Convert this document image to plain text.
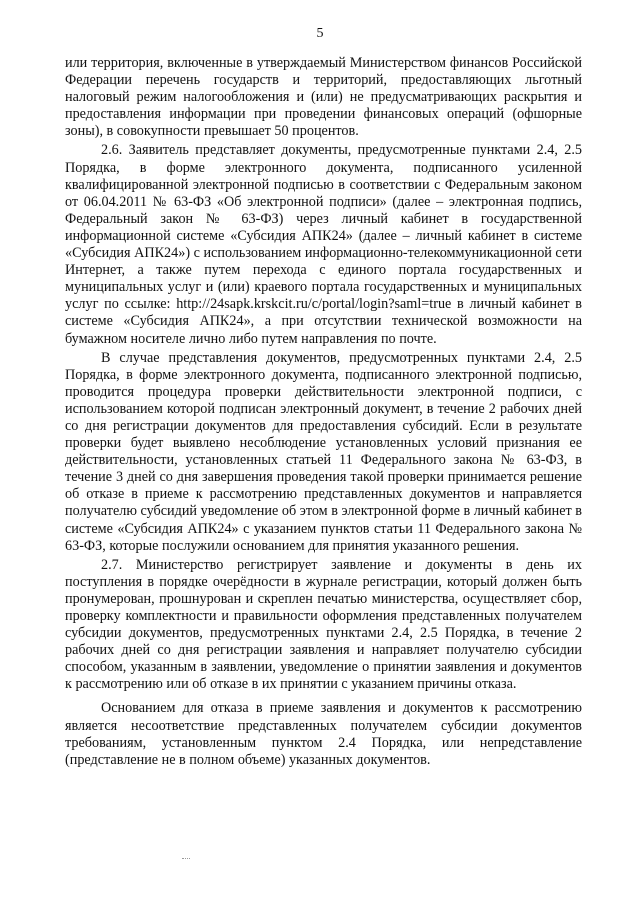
5

или территория, включенные в утверждаемый Министерством финансов Российской Федерации перечень государств и территорий, предоставляющих льготный налоговый режим налогообложения и (или) не предусматривающих раскрытия и предоставления информации при проведении финансовых операций (офшорные зоны), в совокупности превышает 50 процентов.

2.6. Заявитель представляет документы, предусмотренные пунктами 2.4, 2.5 Порядка, в форме электронного документа, подписанного усиленной квалифицированной электронной подписью в соответствии с Федеральным законом от 06.04.2011 № 63-ФЗ «Об электронной подписи» (далее – электронная подпись, Федеральный закон № 63-ФЗ) через личный кабинет в государственной информационной системе «Субсидия АПК24» (далее – личный кабинет в системе «Субсидия АПК24») с использованием информационно-телекоммуникационной сети Интернет, а также путем перехода с единого портала государственных и муниципальных услуг и (или) краевого портала государственных и муниципальных услуг по ссылке: http://24sapk.krskcit.ru/c/portal/login?saml=true в личный кабинет в системе «Субсидия АПК24», а при отсутствии технической возможности на бумажном носителе лично либо путем направления по почте.

В случае представления документов, предусмотренных пунктами 2.4, 2.5 Порядка, в форме электронного документа, подписанного электронной подписью, проводится процедура проверки действительности электронной подписи, с использованием которой подписан электронный документ, в течение 2 рабочих дней со дня регистрации документов для предоставления субсидий. Если в результате проверки будет выявлено несоблюдение установленных условий признания ее действительности, установленных статьей 11 Федерального закона № 63-ФЗ, в течение 3 дней со дня завершения проведения такой проверки принимается решение об отказе в приеме к рассмотрению представленных документов и направляется получателю субсидий уведомление об этом в электронной форме в личный кабинет в системе «Субсидия АПК24» с указанием пунктов статьи 11 Федерального закона № 63-ФЗ, которые послужили основанием для принятия указанного решения.

2.7. Министерство регистрирует заявление и документы в день их поступления в порядке очерёдности в журнале регистрации, который должен быть пронумерован, прошнурован и скреплен печатью министерства, осуществляет сбор, проверку комплектности и правильности оформления представленных получателем субсидии документов, предусмотренных пунктами 2.4, 2.5 Порядка, в течение 2 рабочих дней со дня регистрации заявления и направляет получателю субсидии способом, указанным в заявлении, уведомление о принятии заявления и документов к рассмотрению или об отказе в их принятии с указанием причины отказа.

Основанием для отказа в приеме заявления и документов к рассмотрению является несоответствие представленных получателем субсидии документов требованиям, установленным пунктом 2.4 Порядка, или непредставление (представление не в полном объеме) указанных документов.
